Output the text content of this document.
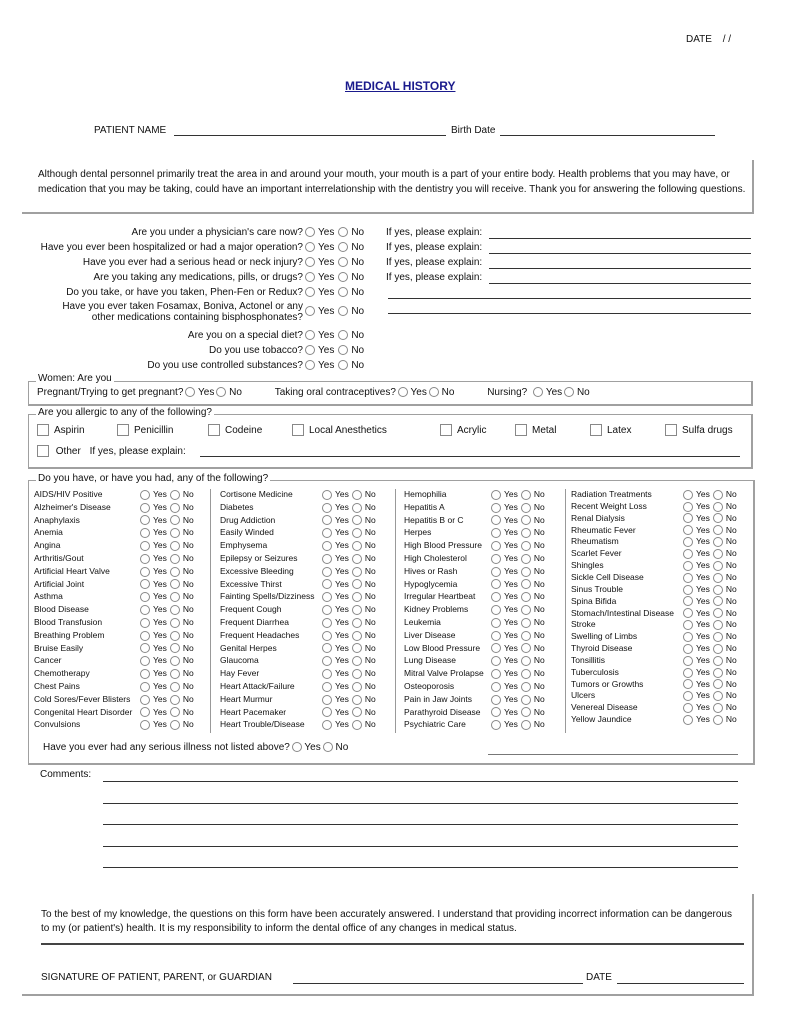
DATE / /
MEDICAL HISTORY
PATIENT NAME	Birth Date
Although dental personnel primarily treat the area in and around your mouth, your mouth is a part of your entire body. Health problems that you may have, or medication that you may be taking, could have an important interrelationship with the dentistry you will receive. Thank you for answering the following questions.
Are you under a physician's care now?	Yes No	If yes, please explain:
Have you ever been hospitalized or had a major operation?	Yes No	If yes, please explain:
Have you ever had a serious head or neck injury?	Yes No	If yes, please explain:
Are you taking any medications, pills, or drugs?	Yes No	If yes, please explain:
Do you take, or have you taken, Phen-Fen or Redux?	Yes No
Have you ever taken Fosamax, Boniva, Actonel or any
other medications containing bisphosphonates?
Yes No
Are you on a special diet?	Yes No
Do you use tobacco?	Yes No
Do you use controlled substances?	Yes No
Women: Are you
Pregnant/Trying to get pregnant? Yes No	Taking oral contraceptives? Yes No	Nursing? Yes No
Are you allergic to any of the following?
Aspirin	Penicillin	Codeine	Local Anesthetics	Acrylic	Metal	Latex	Sulfa drugs
Other If yes, please explain:
Do you have, or have you had, any of the following?
AIDS/HIV Positive	Yes No
Alzheimer's Disease	Yes No
Anaphylaxis	Yes No
Anemia	Yes No
Angina	Yes No
Arthritis/Gout	Yes No
Artificial Heart Valve	Yes No
Artificial Joint	Yes No
Asthma	Yes No
Blood Disease	Yes No
Blood Transfusion	Yes No
Breathing Problem	Yes No
Bruise Easily	Yes No
Cancer	Yes No
Chemotherapy	Yes No
Chest Pains	Yes No
Cold Sores/Fever Blisters	Yes No
Congenital Heart Disorder	Yes No
Convulsions	Yes No
Cortisone Medicine	Yes No
Diabetes	Yes No
Drug Addiction	Yes No
Easily Winded	Yes No
Emphysema	Yes No
Epilepsy or Seizures	Yes No
Excessive Bleeding	Yes No
Excessive Thirst	Yes No
Fainting Spells/Dizziness	Yes No
Frequent Cough	Yes No
Frequent Diarrhea	Yes No
Frequent Headaches	Yes No
Genital Herpes	Yes No
Glaucoma	Yes No
Hay Fever	Yes No
Heart Attack/Failure	Yes No
Heart Murmur	Yes No
Heart Pacemaker	Yes No
Heart Trouble/Disease	Yes No
Hemophilia	Yes No
Hepatitis A	Yes No
Hepatitis B or C	Yes No
Herpes	Yes No
High Blood Pressure	Yes No
High Cholesterol	Yes No
Hives or Rash	Yes No
Hypoglycemia	Yes No
Irregular Heartbeat	Yes No
Kidney Problems	Yes No
Leukemia	Yes No
Liver Disease	Yes No
Low Blood Pressure	Yes No
Lung Disease	Yes No
Mitral Valve Prolapse	Yes No
Osteoporosis	Yes No
Pain in Jaw Joints	Yes No
Parathyroid Disease	Yes No
Psychiatric Care	Yes No
Radiation Treatments	Yes No
Recent Weight Loss	Yes No
Renal Dialysis	Yes No
Rheumatic Fever	Yes No
Rheumatism	Yes No
Scarlet Fever	Yes No
Shingles	Yes No
Sickle Cell Disease	Yes No
Sinus Trouble	Yes No
Spina Bifida	Yes No
Stomach/Intestinal Disease	Yes No
Stroke	Yes No
Swelling of Limbs	Yes No
Thyroid Disease	Yes No
Tonsillitis	Yes No
Tuberculosis	Yes No
Tumors or Growths	Yes No
Ulcers	Yes No
Venereal Disease	Yes No
Yellow Jaundice	Yes No
Have you ever had any serious illness not listed above? Yes No
Comments:
To the best of my knowledge, the questions on this form have been accurately answered. I understand that providing incorrect information can be dangerous to my (or patient's) health. It is my responsibility to inform the dental office of any changes in medical status.
SIGNATURE OF PATIENT, PARENT, or GUARDIAN	DATE
